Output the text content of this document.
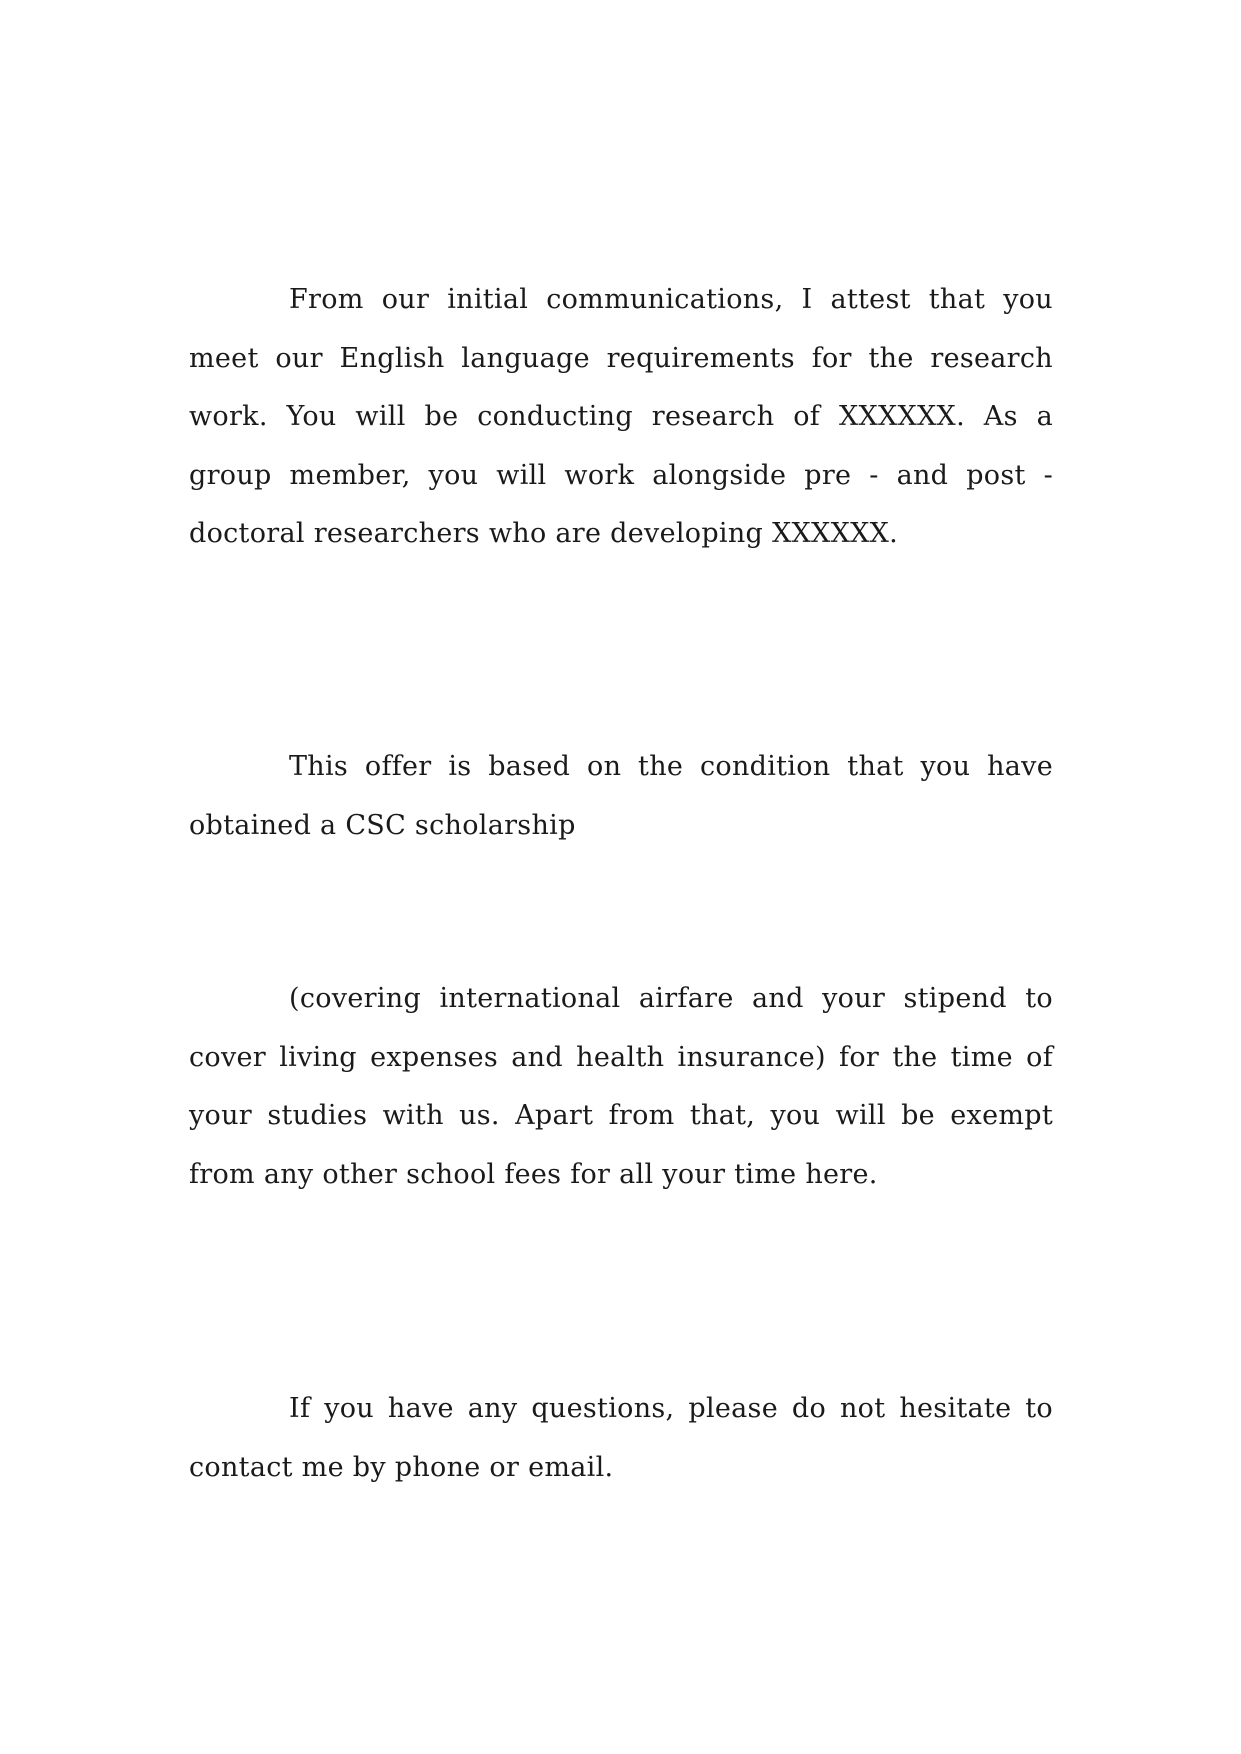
From our initial communications, I attest that you meet our English language requirements for the research work. You will be conducting research of XXXXXX. As a group member, you will work alongside pre - and post - doctoral researchers who are developing XXXXXX.

This offer is based on the condition that you have obtained a CSC scholarship

(covering international airfare and your stipend to cover living expenses and health insurance) for the time of your studies with us. Apart from that, you will be exempt from any other school fees for all your time here.

If you have any questions, please do not hesitate to contact me by phone or email.
